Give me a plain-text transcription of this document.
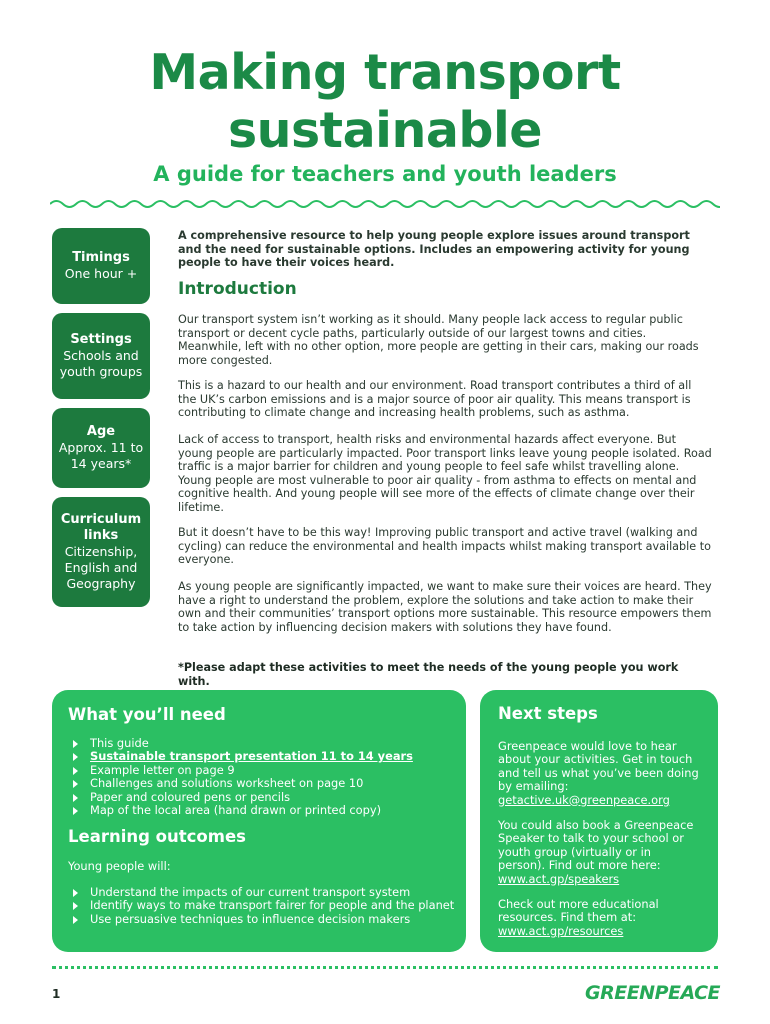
Making transport
sustainable
A guide for teachers and youth leaders
Timings
One hour +
Settings
Schools and youth groups
Age
Approx. 11 to 14 years*
Curriculum links
Citizenship, English and Geography

A comprehensive resource to help young people explore issues around transport and the need for sustainable options. Includes an empowering activity for young people to have their voices heard.

Introduction

Our transport system isn’t working as it should. Many people lack access to regular public transport or decent cycle paths, particularly outside of our largest towns and cities. Meanwhile, left with no other option, more people are getting in their cars, making our roads more congested.

This is a hazard to our health and our environment. Road transport contributes a third of all the UK’s carbon emissions and is a major source of poor air quality. This means transport is contributing to climate change and increasing health problems, such as asthma.

Lack of access to transport, health risks and environmental hazards affect everyone. But young people are particularly impacted. Poor transport links leave young people isolated. Road traffic is a major barrier for children and young people to feel safe whilst travelling alone. Young people are most vulnerable to poor air quality - from asthma to effects on mental and cognitive health. And young people will see more of the effects of climate change over their lifetime.

But it doesn’t have to be this way! Improving public transport and active travel (walking and cycling) can reduce the environmental and health impacts whilst making transport available to everyone.

As young people are significantly impacted, we want to make sure their voices are heard. They have a right to understand the problem, explore the solutions and take action to make their own and their communities’ transport options more sustainable. This resource empowers them to take action by influencing decision makers with solutions they have found.

*Please adapt these activities to meet the needs of the young people you work with.

What you’ll need
This guide
Sustainable transport presentation 11 to 14 years
Example letter on page 9
Challenges and solutions worksheet on page 10
Paper and coloured pens or pencils
Map of the local area (hand drawn or printed copy)
Learning outcomes
Young people will:
Understand the impacts of our current transport system
Identify ways to make transport fairer for people and the planet
Use persuasive techniques to influence decision makers
Next steps

Greenpeace would love to hear about your activities. Get in touch and tell us what you’ve been doing by emailing:
getactive.uk@greenpeace.org

You could also book a Greenpeace Speaker to talk to your school or youth group (virtually or in person). Find out more here:
www.act.gp/speakers

Check out more educational resources. Find them at:
www.act.gp/resources

1	GREENPEACE
